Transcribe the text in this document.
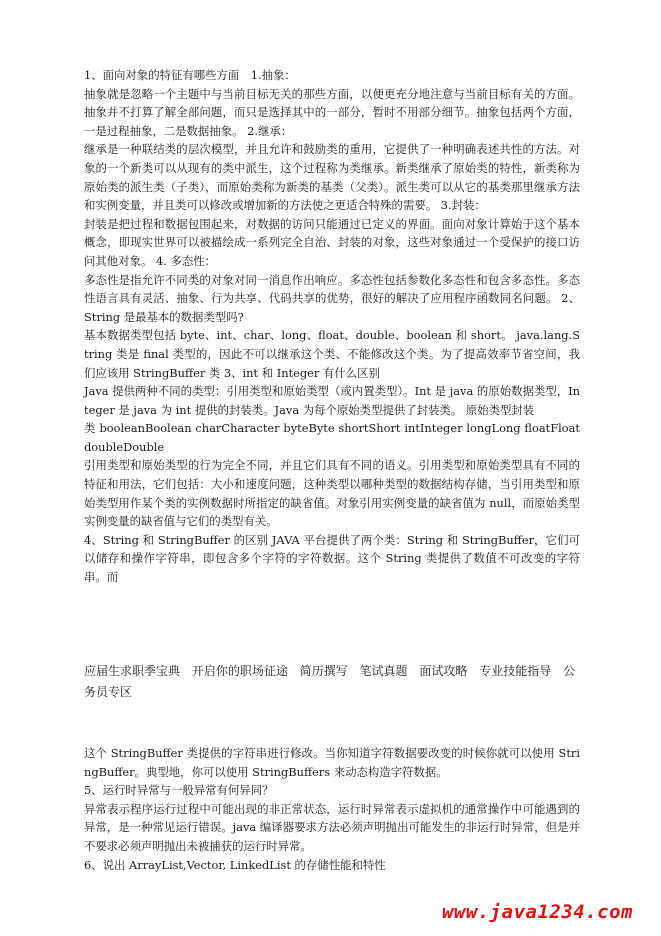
1、面向对象的特征有哪些方面　1.抽象：

抽象就是忽略一个主题中与当前目标无关的那些方面，以便更充分地注意与当前目标有关的方面。抽象并不打算了解全部问题，而只是选择其中的一部分，暂时不用部分细节。抽象包括两个方面，一是过程抽象，二是数据抽象。 2.继承：

继承是一种联结类的层次模型，并且允许和鼓励类的重用，它提供了一种明确表述共性的方法。对象的一个新类可以从现有的类中派生，这个过程称为类继承。新类继承了原始类的特性，新类称为原始类的派生类（子类），而原始类称为新类的基类（父类）。派生类可以从它的基类那里继承方法和实例变量，并且类可以修改或增加新的方法使之更适合特殊的需要。 3.封装：

封装是把过程和数据包围起来，对数据的访问只能通过已定义的界面。面向对象计算始于这个基本概念，即现实世界可以被描绘成一系列完全自治、封装的对象，这些对象通过一个受保护的接口访问其他对象。 4. 多态性：

多态性是指允许不同类的对象对同一消息作出响应。多态性包括参数化多态性和包含多态性。多态性语言具有灵活、抽象、行为共享、代码共享的优势，很好的解决了应用程序函数同名问题。 2、String 是最基本的数据类型吗?

基本数据类型包括 byte、int、char、long、float、double、boolean 和 short。 java.lang.String 类是 final 类型的，因此不可以继承这个类、不能修改这个类。为了提高效率节省空间，我们应该用 StringBuffer 类 3、int 和 Integer 有什么区别

Java 提供两种不同的类型：引用类型和原始类型（或内置类型）。Int 是 java 的原始数据类型，Integer 是 java 为 int 提供的封装类。Java 为每个原始类型提供了封装类。 原始类型封装

类 booleanBoolean charCharacter byteByte shortShort intInteger longLong floatFloat doubleDouble

引用类型和原始类型的行为完全不同，并且它们具有不同的语义。引用类型和原始类型具有不同的特征和用法，它们包括：大小和速度问题，这种类型以哪种类型的数据结构存储，当引用类型和原始类型用作某个类的实例数据时所指定的缺省值。对象引用实例变量的缺省值为 null，而原始类型实例变量的缺省值与它们的类型有关。

4、String 和 StringBuffer 的区别 JAVA 平台提供了两个类：String 和 StringBuffer，它们可以储存和操作字符串，即包含多个字符的字符数据。这个 String 类提供了数值不可改变的字符串。而

应届生求职季宝典 开启你的职场征途 简历撰写 笔试真题 面试攻略 专业技能指导 公务员专区

这个 StringBuffer 类提供的字符串进行修改。当你知道字符数据要改变的时候你就可以使用 StringBuffer。典型地，你可以使用 StringBuffers 来动态构造字符数据。

5、运行时异常与一般异常有何异同？

异常表示程序运行过程中可能出现的非正常状态，运行时异常表示虚拟机的通常操作中可能遇到的异常，是一种常见运行错误。java 编译器要求方法必须声明抛出可能发生的非运行时异常，但是并不要求必须声明抛出未被捕获的运行时异常。

6、说出 ArrayList,Vector, LinkedList 的存储性能和特性

www.java1234.com
